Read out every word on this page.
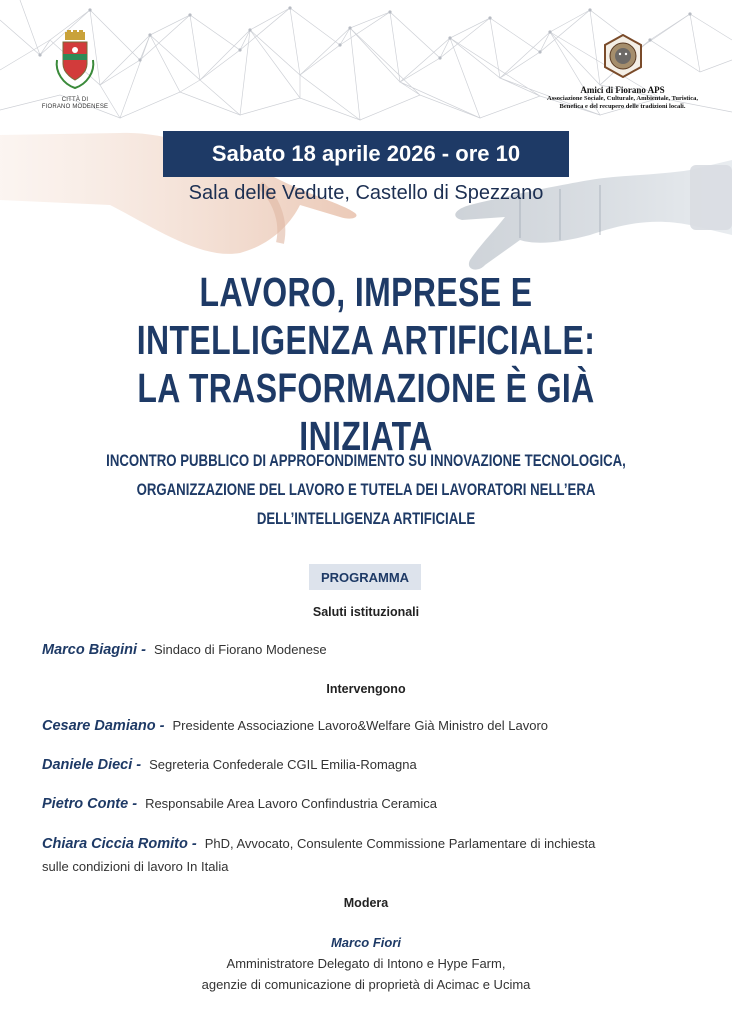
CITTÀ DI
FIORANO MODENESE
Amici di Fiorano APS
Associazione Sociale, Culturale, Ambientale, Turistica,
Benefica e del recupero delle tradizioni locali.
Sabato 18 aprile 2026 - ore 10
Sala delle Vedute, Castello di Spezzano
LAVORO, IMPRESE E
INTELLIGENZA ARTIFICIALE:
LA TRASFORMAZIONE È GIÀ INIZIATA
INCONTRO PUBBLICO DI APPROFONDIMENTO SU INNOVAZIONE TECNOLOGICA,
ORGANIZZAZIONE DEL LAVORO E TUTELA DEI LAVORATORI NELL’ERA
DELL’INTELLIGENZA ARTIFICIALE
PROGRAMMA
Saluti istituzionali
Marco Biagini - Sindaco di Fiorano Modenese
Intervengono
Cesare Damiano - Presidente Associazione Lavoro&Welfare Già Ministro del Lavoro
Daniele Dieci - Segreteria Confederale CGIL Emilia-Romagna
Pietro Conte - Responsabile Area Lavoro Confindustria Ceramica
Chiara Ciccia Romito - PhD, Avvocato, Consulente Commissione Parlamentare di inchiesta
sulle condizioni di lavoro In Italia
Modera
Marco Fiori
Amministratore Delegato di Intono e Hype Farm,
agenzie di comunicazione di proprietà di Acimac e Ucima
